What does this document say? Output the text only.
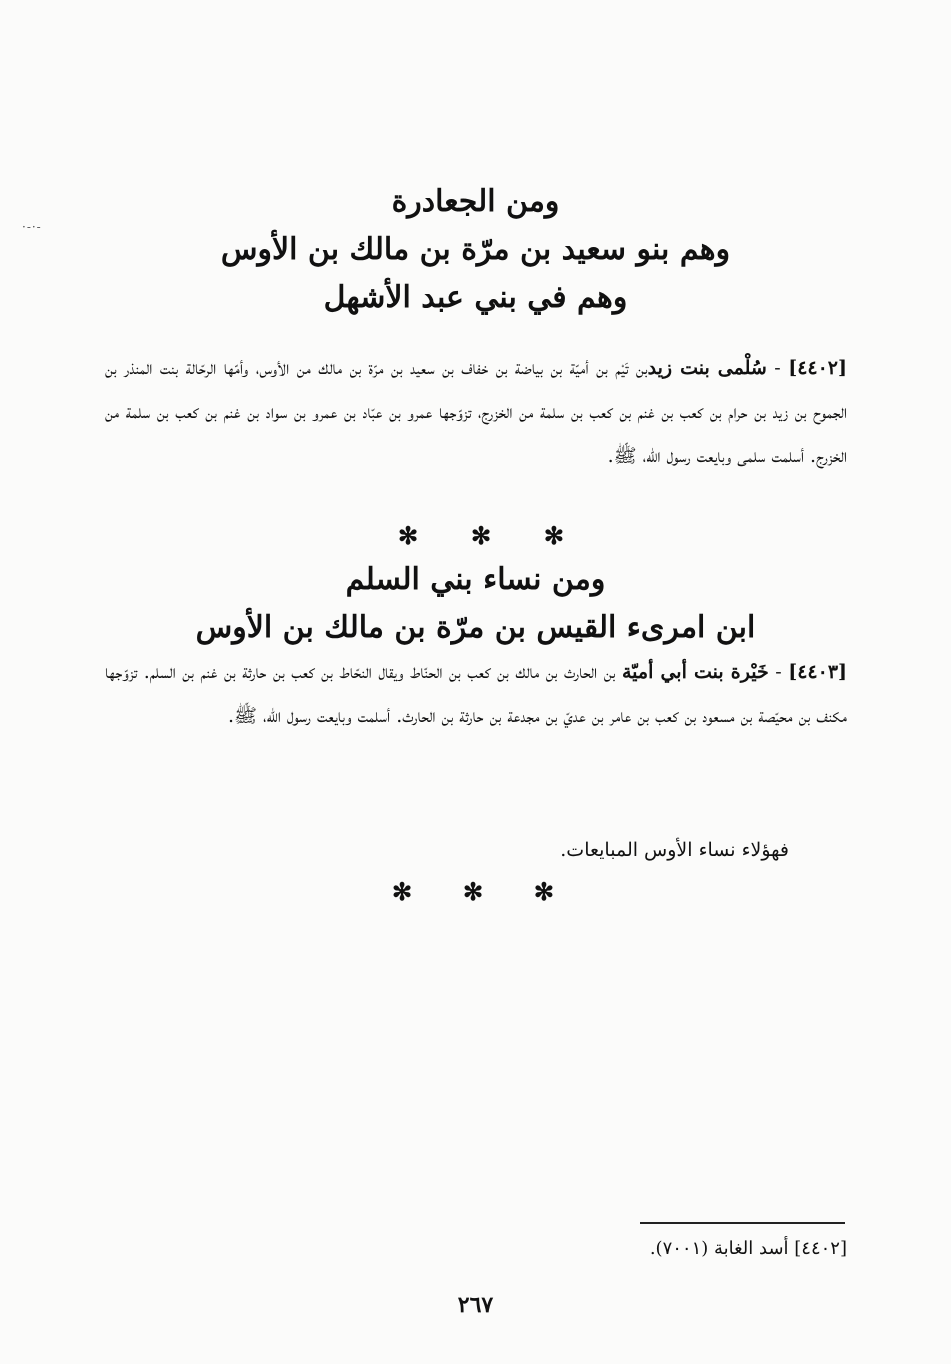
·-·-
ومن الجعادرة
وهم بنو سعيد بن مرّة بن مالك بن الأوس
وهم في بني عبد الأشهل

[٤٤٠٢] - سُلْمى بنت زيدبن تَيْم بن أميّة بن بياضة بن خفاف بن سعيد بن مرّة بن مالك من الأوس، وأمّها الرحّالة بنت المنذر بن الجموح بن زيد بن حرام بن كعب بن غنم بن كعب بن سلمة من الخزرج، تزوّجها عمرو بن عبّاد بن عمرو بن سواد بن غنم بن كعب بن سلمة من الخزرج. أسلمت سلمى وبايعت رسول الله، ﷺ.

✻ ✻ ✻
ومن نساء بني السلم
ابن امرىء القيس بن مرّة بن مالك بن الأوس

[٤٤٠٣] - خَيْرة بنت أبي أميّة بن الحارث بن مالك بن كعب بن الحنّاط ويقال النحّاط بن كعب بن حارثة بن غنم بن السلم. تزوّجها مكنف بن محيّصة بن مسعود بن كعب بن عامر بن عديّ بن مجدعة بن حارثة بن الحارث. أسلمت وبايعت رسول الله، ﷺ.

فهؤلاء نساء الأوس المبايعات.

✻ ✻ ✻
[٤٤٠٢] أسد الغابة (٧٠٠١).
٢٦٧
